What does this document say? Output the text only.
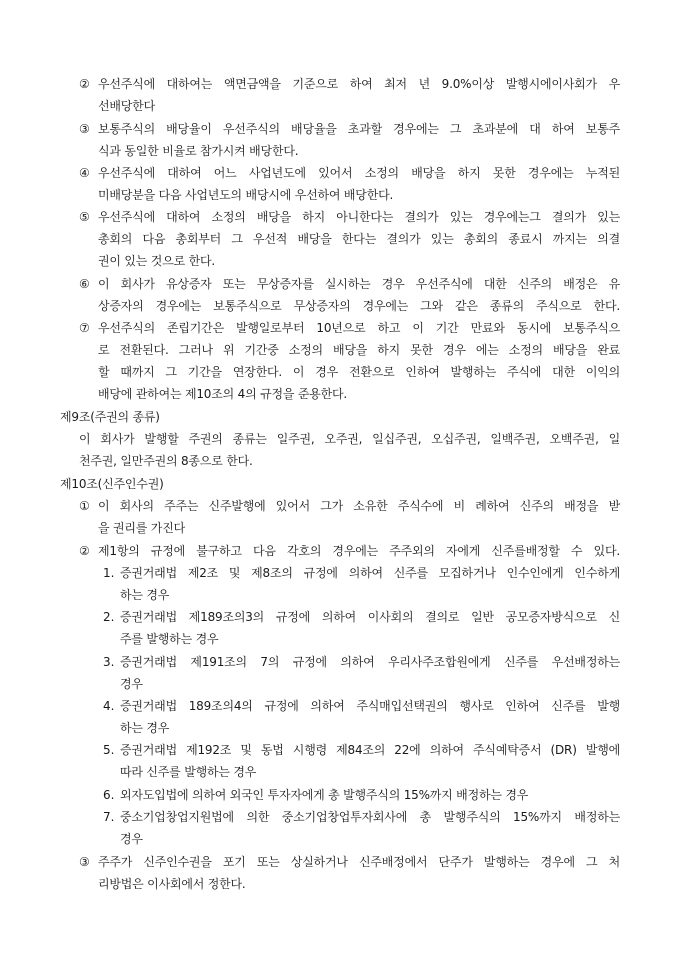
② 우선주식에 대하여는 액면금액을 기준으로 하여 최저 년 9.0%이상 발행시에이사회가 우
선배당한다
③ 보통주식의 배당율이 우선주식의 배당율을 초과할 경우에는 그 초과분에 대 하여 보통주
식과 동일한 비율로 참가시켜 배당한다.
④ 우선주식에 대하여 어느 사업년도에 있어서 소정의 배당을 하지 못한 경우에는 누적된
미배당분을 다음 사업년도의 배당시에 우선하여 배당한다.
⑤ 우선주식에 대하여 소정의 배당을 하지 아니한다는 결의가 있는 경우에는그 결의가 있는
총회의 다음 총회부터 그 우선적 배당을 한다는 결의가 있는 총회의 종료시 까지는 의결
권이 있는 것으로 한다.
⑥ 이 회사가 유상증자 또는 무상증자를 실시하는 경우 우선주식에 대한 신주의 배정은 유
상증자의 경우에는 보통주식으로 무상증자의 경우에는 그와 같은 종류의 주식으로 한다.
⑦ 우선주식의 존립기간은 발행일로부터 10년으로 하고 이 기간 만료와 동시에 보통주식으
로 전환된다. 그러나 위 기간중 소정의 배당을 하지 못한 경우 에는 소정의 배당을 완료
할 때까지 그 기간을 연장한다. 이 경우 전환으로 인하여 발행하는 주식에 대한 이익의
배당에 관하여는 제10조의 4의 규정을 준용한다.
제9조(주권의 종류)
이 회사가 발행할 주권의 종류는 일주권, 오주권, 일십주권, 오십주권, 일백주권, 오백주권, 일
천주권, 일만주권의 8종으로 한다.
제10조(신주인수권)
① 이 회사의 주주는 신주발행에 있어서 그가 소유한 주식수에 비 례하여 신주의 배정을 받
을 권리를 가진다
② 제1항의 규정에 불구하고 다음 각호의 경우에는 주주외의 자에게 신주를배정할 수 있다.
1. 증권거래법 제2조 및 제8조의 규정에 의하여 신주를 모집하거나 인수인에게 인수하게
하는 경우
2. 증권거래법 제189조의3의 규정에 의하여 이사회의 결의로 일반 공모증자방식으로 신
주를 발행하는 경우
3. 증권거래법 제191조의 7의 규정에 의하여 우리사주조합원에게 신주를 우선배정하는
경우
4. 증권거래법 189조의4의 규정에 의하여 주식매입선택권의 행사로 인하여 신주를 발행
하는 경우
5. 증권거래법 제192조 및 동법 시행령 제84조의 22에 의하여 주식예탁증서 (DR) 발행에
따라 신주를 발행하는 경우
6. 외자도입법에 의하여 외국인 투자자에게 총 발행주식의 15%까지 배정하는 경우
7. 중소기업창업지원법에 의한 중소기업창업투자회사에 총 발행주식의 15%까지 배정하는
경우
③ 주주가 신주인수권을 포기 또는 상실하거나 신주배정에서 단주가 발행하는 경우에 그 처
리방법은 이사회에서 정한다.
